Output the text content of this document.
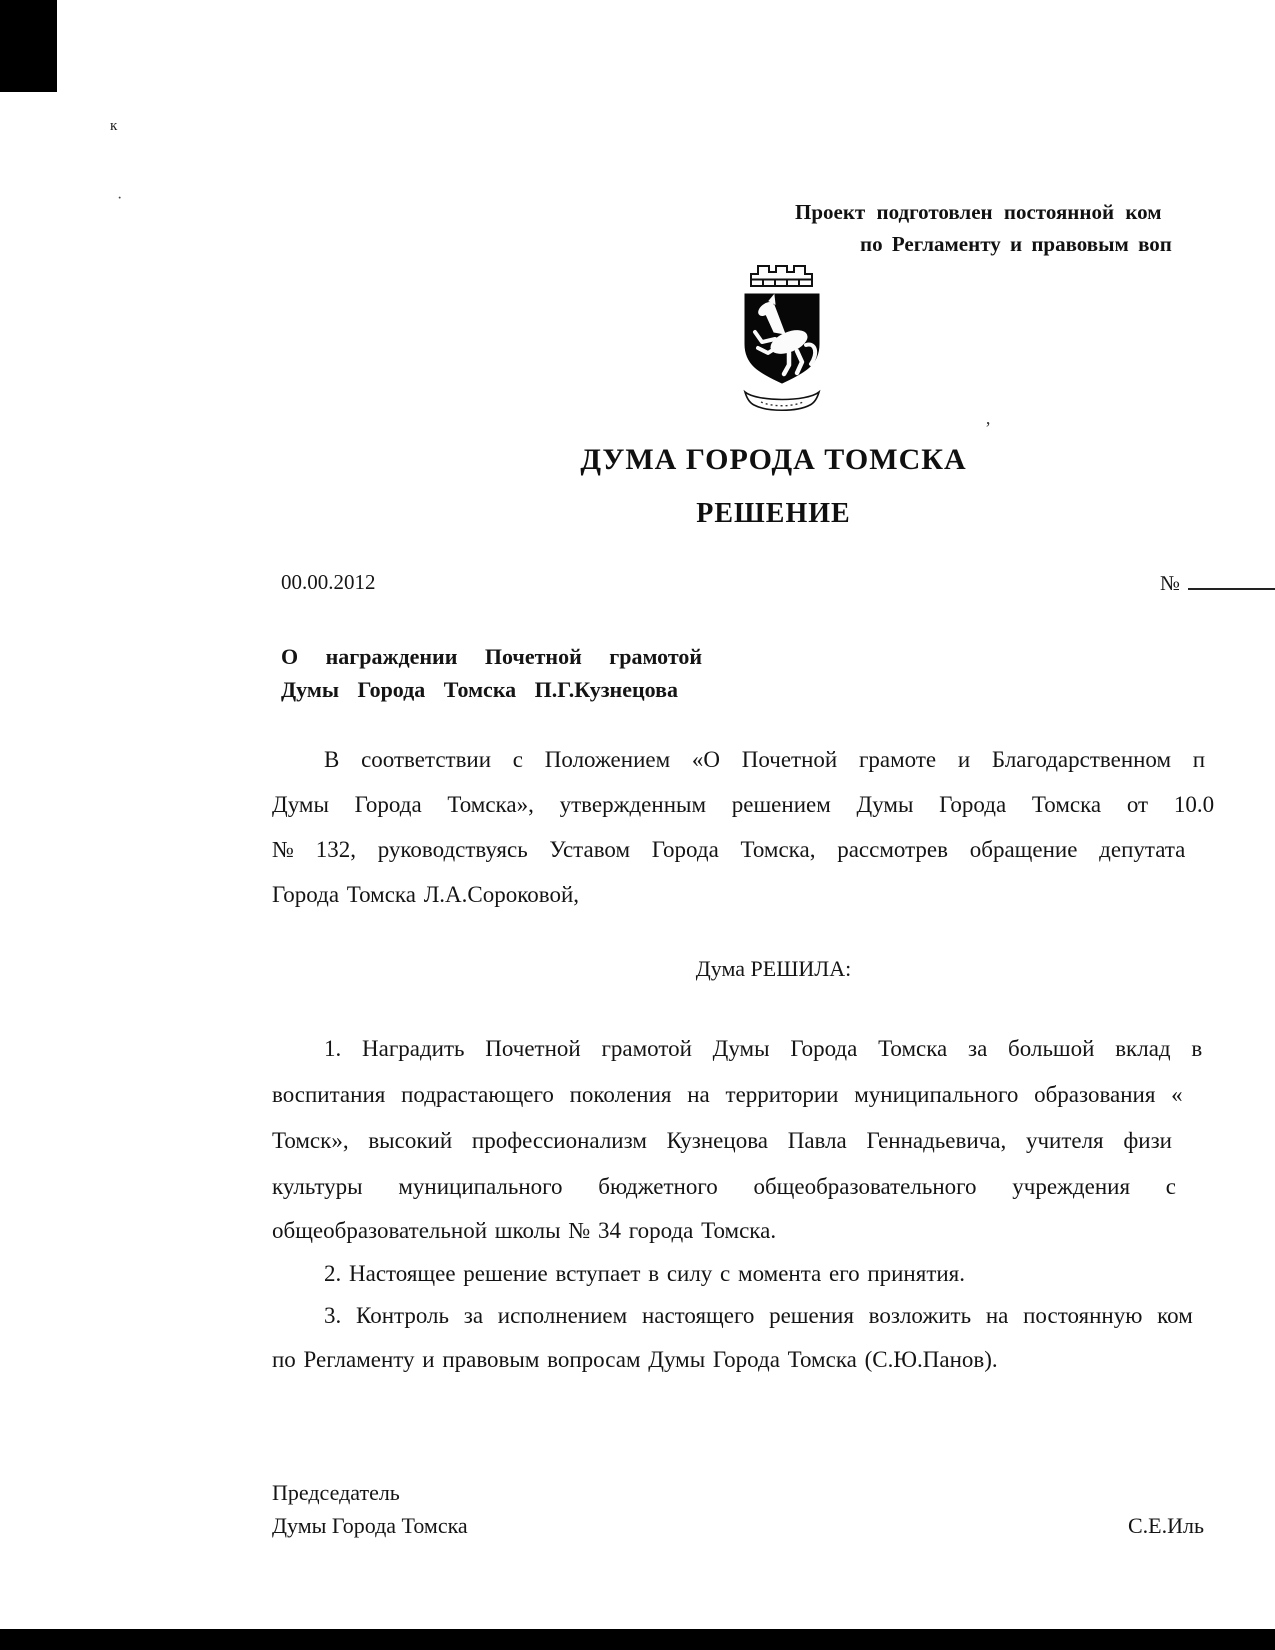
к
·
’
Проект подготовлен постоянной ком
по Регламенту и правовым воп
ДУМА ГОРОДА ТОМСКА
РЕШЕНИЕ
00.00.2012	№
О награждении Почетной грамотой
Думы Города Томска П.Г.Кузнецова
В соответствии с Положением «О Почетной грамоте и Благодарственном п
Думы Города Томска», утвержденным решением Думы Города Томска от 10.0
№ 132, руководствуясь Уставом Города Томска, рассмотрев обращение депутата
Города Томска Л.А.Сороковой,
Дума РЕШИЛА:
1. Наградить Почетной грамотой Думы Города Томска за большой вклад в
воспитания подрастающего поколения на территории муниципального образования «
Томск», высокий профессионализм Кузнецова Павла Геннадьевича, учителя физи
культуры муниципального бюджетного общеобразовательного учреждения с
общеобразовательной школы № 34 города Томска.
2. Настоящее решение вступает в силу с момента его принятия.
3. Контроль за исполнением настоящего решения возложить на постоянную ком
по Регламенту и правовым вопросам Думы Города Томска (С.Ю.Панов).
Председатель
Думы Города Томска	С.Е.Иль
